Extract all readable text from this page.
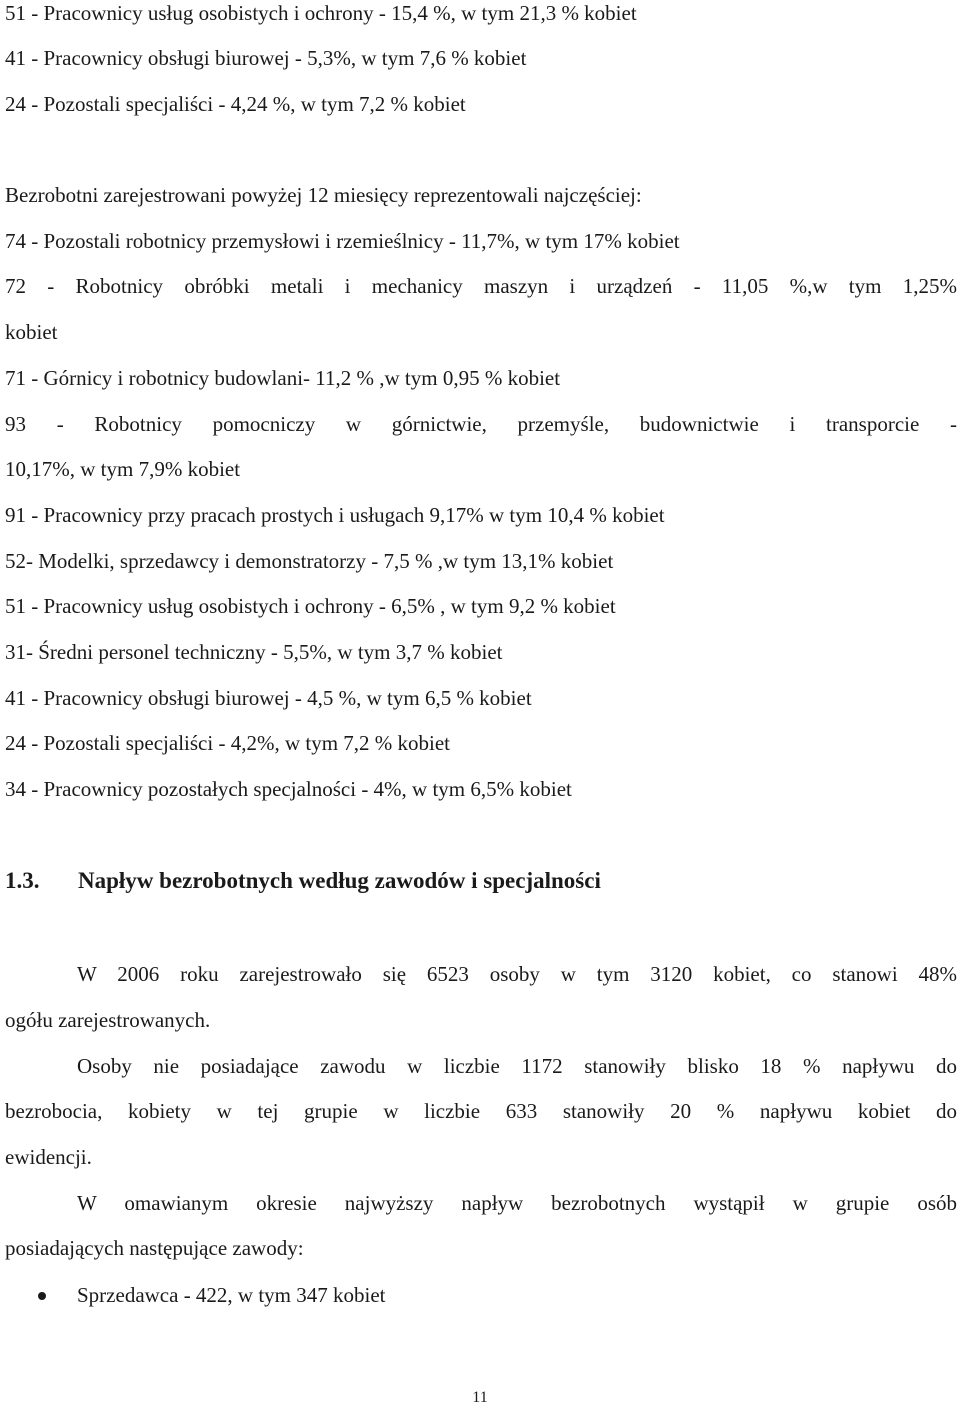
51 - Pracownicy usług osobistych i ochrony - 15,4 %, w tym 21,3 % kobiet
41 - Pracownicy obsługi biurowej - 5,3%, w tym 7,6 % kobiet
24 - Pozostali specjaliści - 4,24 %, w tym 7,2 % kobiet
Bezrobotni zarejestrowani powyżej 12 miesięcy reprezentowali najczęściej:
74 - Pozostali robotnicy przemysłowi i rzemieślnicy - 11,7%, w tym 17% kobiet
72 - Robotnicy obróbki metali i mechanicy maszyn i urządzeń - 11,05 %,w tym 1,25%
kobiet
71 - Górnicy i robotnicy budowlani- 11,2 % ,w tym 0,95 % kobiet
93 - Robotnicy pomocniczy w górnictwie, przemyśle, budownictwie i transporcie -
10,17%, w tym 7,9% kobiet
91 - Pracownicy przy pracach prostych i usługach 9,17% w tym 10,4 % kobiet
52- Modelki, sprzedawcy i demonstratorzy - 7,5 % ,w tym 13,1% kobiet
51 - Pracownicy usług osobistych i ochrony - 6,5% , w tym 9,2 % kobiet
31- Średni personel techniczny - 5,5%, w tym 3,7 % kobiet
41 - Pracownicy obsługi biurowej - 4,5 %, w tym 6,5 % kobiet
24 - Pozostali specjaliści - 4,2%, w tym 7,2 % kobiet
34 - Pracownicy pozostałych specjalności - 4%, w tym 6,5% kobiet
1.3. Napływ bezrobotnych według zawodów i specjalności
W 2006 roku zarejestrowało się 6523 osoby w tym 3120 kobiet, co stanowi 48%
ogółu zarejestrowanych.
Osoby nie posiadające zawodu w liczbie 1172 stanowiły blisko 18 % napływu do
bezrobocia, kobiety w tej grupie w liczbie 633 stanowiły 20 % napływu kobiet do
ewidencji.
W omawianym okresie najwyższy napływ bezrobotnych wystąpił w grupie osób
posiadających następujące zawody:
Sprzedawca - 422, w tym 347 kobiet
11
